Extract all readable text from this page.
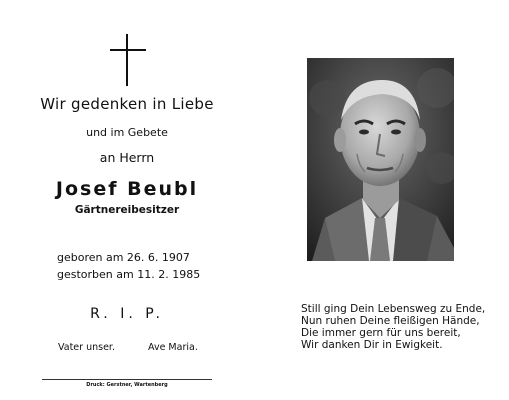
Wir gedenken in Liebe
und im Gebete
an Herrn
Josef Beubl
Gärtnereibesitzer
geboren am 26. 6. 1907
gestorben am 11. 2. 1985
R. I. P.
Vater unser.	Ave Maria.
Druck: Gerstner, Wartenberg
Still ging Dein Lebensweg zu Ende,
Nun ruhen Deine fleißigen Hände,
Die immer gern für uns bereit,
Wir danken Dir in Ewigkeit.
